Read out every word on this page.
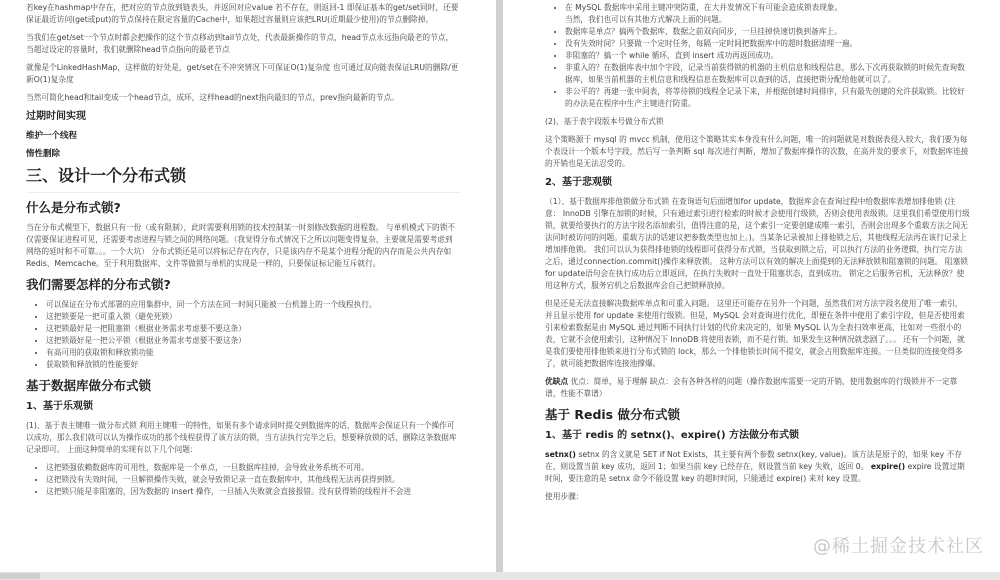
若key在hashmap中存在，把对应的节点放到链表头，并返回对应value 若不存在，则返回-1 即保证基本的get/set同时，还要保证最近访问(get或put)的节点保持在限定容量的Cache中，如果超过容量则应该把LRU(近期最少使用)的节点删除掉。

当我们在get/set一个节点时都会把操作的这个节点移动到tail节点处，代表最新操作的节点，head节点永远指向最老的节点，当超过设定的容量时，我们就删除head节点指向的最老节点

就像是个LinkedHashMap，这样做的好处是，get/set在不冲突情况下可保证O(1)复杂度 也可通过双向链表保证LRU的删除/更新O(1)复杂度

当然可简化head和tail变成一个head节点，成环，这样head的next指向最旧的节点，prev指向最新的节点。

过期时间实现
维护一个线程
惰性删除
三、设计一个分布式锁
什么是分布式锁?

当在分布式模型下，数据只有一份（或有限制），此时需要利用锁的技术控制某一时刻修改数据的进程数。 与单机模式下的锁不仅需要保证进程可见，还需要考虑进程与锁之间的网络问题。（我觉得分布式情况下之所以问题变得复杂，主要就是需要考虑到网络的延时和不可靠。。。一个大坑） 分布式锁还是可以将标记存在内存，只是该内存不是某个进程分配的内存而是公共内存如 Redis、Memcache。至于利用数据库、文件等做锁与单机的实现是一样的，只要保证标记能互斥就行。

我们需要怎样的分布式锁?
• 可以保证在分布式部署的应用集群中，同一个方法在同一时间只能被一台机器上的一个线程执行。
• 这把锁要是一把可重入锁（避免死锁）
• 这把锁最好是一把阻塞锁（根据业务需求考虑要不要这条）
• 这把锁最好是一把公平锁（根据业务需求考虑要不要这条）
• 有高可用的获取锁和释放锁功能
• 获取锁和释放锁的性能要好
基于数据库做分布式锁
1、基于乐观锁

(1)、基于表主键唯一做分布式锁 利用主键唯一的特性，如果有多个请求同时提交到数据库的话，数据库会保证只有一个操作可以成功，那么我们就可以认为操作成功的那个线程获得了该方法的锁，当方法执行完毕之后，想要释放锁的话，删除这条数据库记录即可。 上面这种简单的实现有以下几个问题：

• 这把锁强依赖数据库的可用性，数据库是一个单点，一旦数据库挂掉，会导致业务系统不可用。
• 这把锁没有失效时间，一旦解锁操作失败，就会导致锁记录一直在数据库中，其他线程无法再获得到锁。
• 这把锁只能是非阻塞的，因为数据的 insert 操作，一旦插入失败就会直接报错。没有获得锁的线程并不会进
• 在 MySQL 数据库中采用主键冲突防重，在大并发情况下有可能会造成锁表现象。
当然，我们也可以有其他方式解决上面的问题。
• 数据库是单点？搞两个数据库，数据之前双向同步，一旦挂掉快速切换到备库上。
• 没有失效时间？只要做一个定时任务，每隔一定时间把数据库中的超时数据清理一遍。
• 非阻塞的？搞一个 while 循环，直到 insert 成功再返回成功。
• 非重入的？在数据库表中加个字段，记录当前获得锁的机器的主机信息和线程信息，那么下次再获取锁的时候先查询数据库，如果当前机器的主机信息和线程信息在数据库可以查到的话，直接把锁分配给他就可以了。
• 非公平的？再建一张中间表，将等待锁的线程全记录下来，并根据创建时间排序，只有最先创建的允许获取锁。比较好的办法是在程序中生产主键进行防重。

(2)、基于表字段版本号做分布式锁

这个策略源于 mysql 的 mvcc 机制，使用这个策略其实本身没有什么问题，唯一的问题就是对数据表侵入较大，我们要为每个表设计一个版本号字段，然后写一条判断 sql 每次进行判断，增加了数据库操作的次数，在高并发的要求下，对数据库连接的开销也是无法忍受的。

2、基于悲观锁

（1）、基于数据库排他锁做分布式锁 在查询语句后面增加for update，数据库会在查询过程中给数据库表增加排他锁 (注意： InnoDB 引擎在加锁的时候，只有通过索引进行检索的时候才会使用行级锁，否则会使用表级锁。这里我们希望使用行级锁，就要给要执行的方法字段名添加索引，值得注意的是，这个索引一定要创建成唯一索引，否则会出现多个重载方法之间无法同时被访问的问题。重载方法的话建议把参数类型也加上。)。当某条记录被加上排他锁之后，其他线程无法再在该行记录上增加排他锁。 我们可以认为获得排他锁的线程即可获得分布式锁，当获取到锁之后，可以执行方法的业务逻辑，执行完方法之后，通过connection.commit()操作来释放锁。 这种方法可以有效的解决上面提到的无法释放锁和阻塞锁的问题。 阻塞锁 for update语句会在执行成功后立即返回，在执行失败时一直处于阻塞状态，直到成功。 锁定之后服务宕机，无法释放？使用这种方式，服务宕机之后数据库会自己把锁释放掉。

但是还是无法直接解决数据库单点和可重入问题。 这里还可能存在另外一个问题，虽然我们对方法字段名使用了唯一索引，并且显示使用 for update 来使用行级锁。但是，MySQL 会对查询进行优化，即便在条件中使用了索引字段，但是否使用索引来检索数据是由 MySQL 通过判断不同执行计划的代价来决定的，如果 MySQL 认为全表扫效率更高，比如对一些很小的表，它就不会使用索引，这种情况下 InnoDB 将使用表锁，而不是行锁。如果发生这种情况就悲剧了。。。 还有一个问题，就是我们要使用排他锁来进行分布式锁的 lock，那么一个排他锁长时间不提交，就会占用数据库连接。一旦类似的连接变得多了，就可能把数据库连接池撑爆。

优缺点 优点：简单，易于理解 缺点：会有各种各样的问题（操作数据库需要一定的开销，使用数据库的行级锁并不一定靠谱，性能不靠谱）

基于 Redis 做分布式锁
1、基于 redis 的 setnx()、expire() 方法做分布式锁

setnx() setnx 的含义就是 SET if Not Exists，其主要有两个参数 setnx(key, value)。该方法是原子的，如果 key 不存在，则设置当前 key 成功，返回 1；如果当前 key 已经存在，则设置当前 key 失败，返回 0。 expire() expire 设置过期时间，要注意的是 setnx 命令不能设置 key 的超时时间，只能通过 expire() 来对 key 设置。

使用步骤：

@稀土掘金技术社区
